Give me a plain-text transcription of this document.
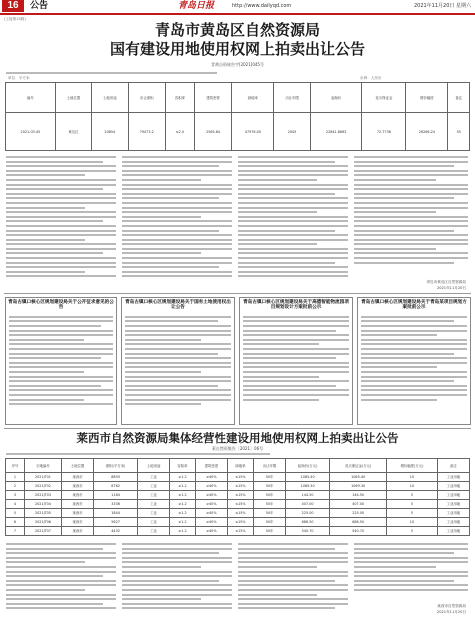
16	公告	青岛日报	http://www.dailyqd.com	2021年11月20日 星期六
(上接第15版)
青岛市黄岛区自然资源局
国有建设用地使用权网上拍卖出让公告
青黄自资规告字[2021]045号
单位：平方米	币种：人民币
编号	土地位置	土地用途	出让面积	容积率	建筑密度	绿地率	出让年限	起始价	竞买保证金	增价幅度	备注
2021-GY-45	黄岛区	20854	79473.2	≤2.0	2565.64	47976.00	2005	22841.8663	72.7736	26266.24	55
青岛市黄岛区自然资源局
2021年11月20日
青岛古镇口核心区规划建设局关于公开征求意见的公告
青岛古镇口核心区规划建设局关于国有土地使用权出让公告
青岛古镇口核心区规划建设局关于高德智能物流园项目规划设计方案批前公示
青岛古镇口核心区规划建设局关于青岛某项目规划方案批前公示
莱西市自然资源局集体经营性建设用地使用权网上拍卖出让公告
莱自然资集告〔2021〕06号
序号	宗地编号	土地位置	面积(平方米)	土地用途	容积率	建筑密度	绿地率	出让年限	起始价(万元)	竞买保证金(万元)	增价幅度(万元)	备注
1	2021JT01	莱西市	8893	工业	≥1.2	≥40%	≤15%	50年	1085.40	1085.40	10	工业用地
2	2021JT02	莱西市	8762	工业	≥1.2	≥40%	≤15%	50年	1069.30	1069.30	10	工业用地
3	2021JT03	莱西市	1184	工业	≥1.2	≥40%	≤15%	50年	144.50	144.50	5	工业用地
4	2021JT04	莱西市	3336	工业	≥1.2	≥40%	≤15%	50年	407.00	407.00	5	工业用地
5	2021JT05	莱西市	1844	工业	≥1.2	≥40%	≤15%	50年	225.00	225.00	5	工业用地
6	2021JT06	莱西市	5627	工业	≥1.2	≥40%	≤15%	50年	686.50	686.50	10	工业用地
7	2021JT07	莱西市	4432	工业	≥1.2	≥40%	≤15%	50年	540.70	540.70	5	工业用地
莱西市自然资源局
2021年11月20日
